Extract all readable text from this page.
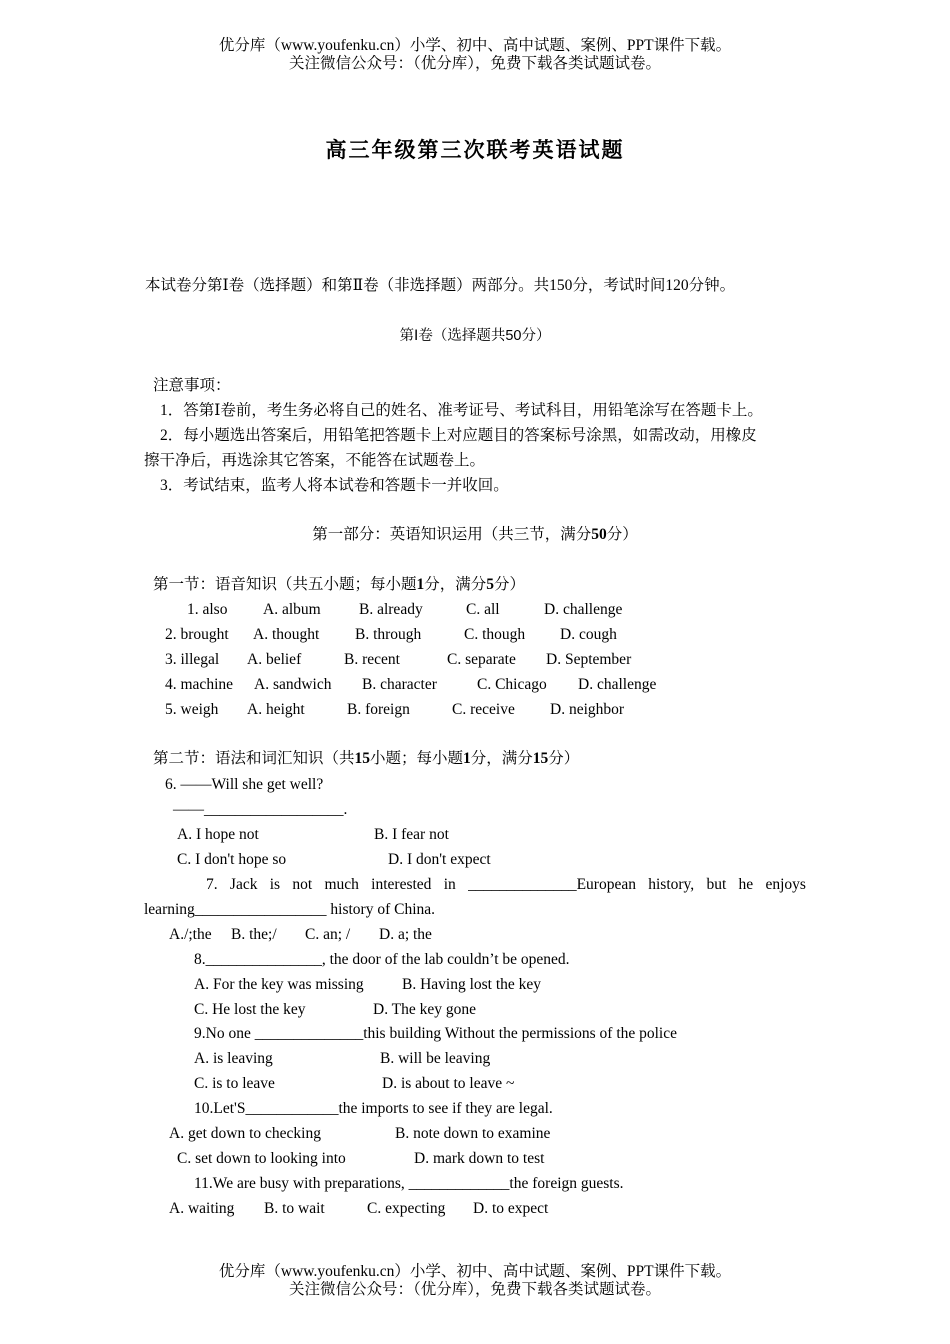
优分库（www.youfenku.cn）小学、初中、高中试题、案例、PPT课件下载。
关注微信公众号：（优分库），免费下载各类试题试卷。
高三年级第三次联考英语试题
本试卷分第Ⅰ卷（选择题）和第Ⅱ卷（非选择题）两部分。共150分，考试时间120分钟。
第Ⅰ卷（选择题共50分）
注意事项：
1．答第Ⅰ卷前，考生务必将自己的姓名、准考证号、考试科目，用铅笔涂写在答题卡上。
2．每小题选出答案后，用铅笔把答题卡上对应题目的答案标号涂黑，如需改动，用橡皮
擦干净后，再选涂其它答案，不能答在试题卷上。
3．考试结束，监考人将本试卷和答题卡一并收回。
第一部分：英语知识运用（共三节，满分50分）
第一节：语音知识（共五小题；每小题1分，满分5分）
1. also A. album B. already	C. all	D. challenge
2. brought A. thought B. through	C. though D. cough
3. illegal A. belief	B. recent	C. separate D. September
4. machine A. sandwich B. character	C. Chicago D. challenge
5. weigh A. height	B. foreign	C. receive D. neighbor
第二节：语法和词汇知识（共15小题；每小题1分，满分15分）
6. ——Will she get well?
——__________________.
A. I hope not	B. I fear not
C. I don't hope so	D. I don't expect
7. Jack is not much interested in ______________European history, but he enjoys
learning_________________ history of China.
A./;the B. the;/ C. an; / D. a; the
8._______________, the door of the lab couldn’t be opened.
A. For the key was missing B. Having lost the key
C. He lost the key	D. The key gone
9.No one ______________this building Without the permissions of the police
A. is leaving	B. will be leaving
C. is to leave	D. is about to leave ~
10.Let'S____________the imports to see if they are legal.
A. get down to checking	B. note down to examine
C. set down to looking into	D. mark down to test
11.We are busy with preparations, _____________the foreign guests.
A. waiting B. to wait	C. expecting D. to expect
优分库（www.youfenku.cn）小学、初中、高中试题、案例、PPT课件下载。
关注微信公众号：（优分库），免费下载各类试题试卷。
